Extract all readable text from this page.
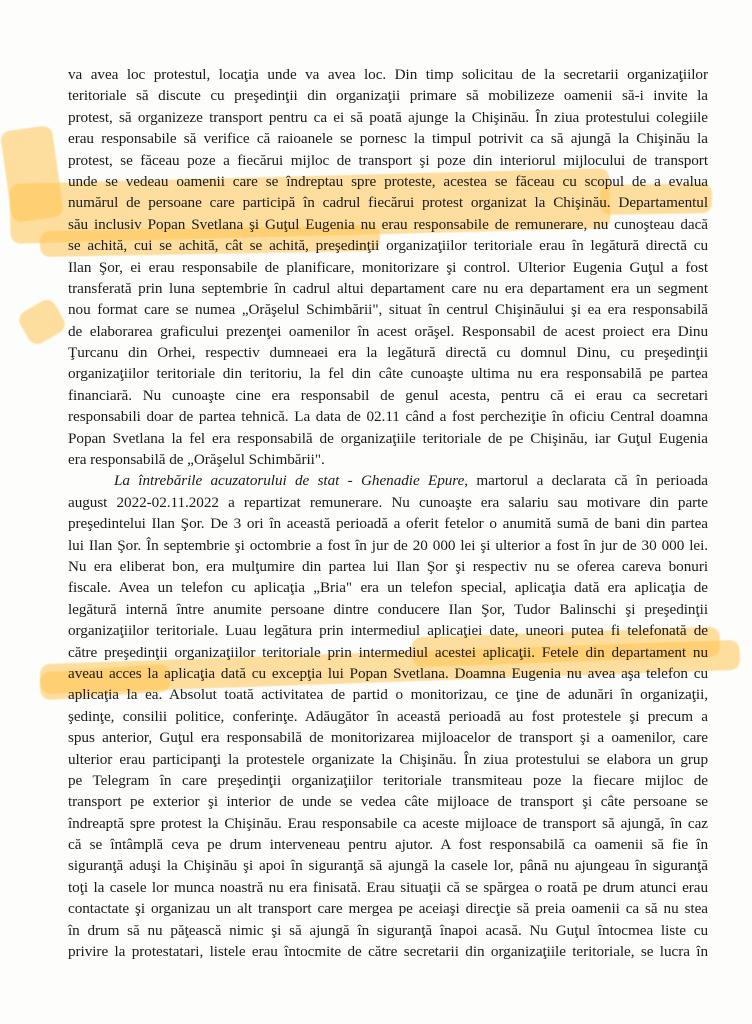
va avea loc protestul, locaţia unde va avea loc. Din timp solicitau de la secretarii organizaţiilor
teritoriale să discute cu preşedinţii din organizaţii primare să mobilizeze oamenii să-i invite la
protest, să organizeze transport pentru ca ei să poată ajunge la Chişinău. În ziua protestului colegiile
erau responsabile să verifice că raioanele se pornesc la timpul potrivit ca să ajungă la Chişinău la
protest, se făceau poze a fiecărui mijloc de transport şi poze din interiorul mijlocului de transport
unde se vedeau oamenii care se îndreptau spre proteste, acestea se făceau cu scopul de a evalua
numărul de persoane care participă în cadrul fiecărui protest organizat la Chişinău. Departamentul
său inclusiv Popan Svetlana şi Guţul Eugenia nu erau responsabile de remunerare, nu cunoşteau dacă
se achită, cui se achită, cât se achită, preşedinţii organizaţiilor teritoriale erau în legătură directă cu
Ilan Şor, ei erau responsabile de planificare, monitorizare şi control. Ulterior Eugenia Guţul a fost
transferată prin luna septembrie în cadrul altui departament care nu era departament era un segment
nou format care se numea „Orăşelul Schimbării", situat în centrul Chişinăului şi ea era responsabilă
de elaborarea graficului prezenţei oamenilor în acest orăşel. Responsabil de acest proiect era Dinu
Ţurcanu din Orhei, respectiv dumneaei era la legătură directă cu domnul Dinu, cu preşedinţii
organizaţiilor teritoriale din teritoriu, la fel din câte cunoaşte ultima nu era responsabilă pe partea
financiară. Nu cunoaşte cine era responsabil de genul acesta, pentru că ei erau ca secretari
responsabili doar de partea tehnică. La data de 02.11 când a fost percheziţie în oficiu Central doamna
Popan Svetlana la fel era responsabilă de organizaţiile teritoriale de pe Chişinău, iar Guţul Eugenia
era responsabilă de „Orăşelul Schimbării".
La întrebările acuzatorului de stat - Ghenadie Epure, martorul a declarata că în perioada
august 2022-02.11.2022 a repartizat remunerare. Nu cunoaşte era salariu sau motivare din parte
preşedintelui Ilan Şor. De 3 ori în această perioadă a oferit fetelor o anumită sumă de bani din partea
lui Ilan Şor. În septembrie şi octombrie a fost în jur de 20 000 lei şi ulterior a fost în jur de 30 000 lei.
Nu era eliberat bon, era mulţumire din partea lui Ilan Şor şi respectiv nu se oferea careva bonuri
fiscale. Avea un telefon cu aplicaţia „Bria" era un telefon special, aplicaţia dată era aplicaţia de
legătură internă între anumite persoane dintre conducere Ilan Şor, Tudor Balinschi şi preşedinţii
organizaţiilor teritoriale. Luau legătura prin intermediul aplicaţiei date, uneori putea fi telefonată de
către preşedinţii organizaţiilor teritoriale prin intermediul acestei aplicaţii. Fetele din departament nu
aveau acces la aplicaţia dată cu excepţia lui Popan Svetlana. Doamna Eugenia nu avea aşa telefon cu
aplicaţia la ea. Absolut toată activitatea de partid o monitorizau, ce ţine de adunări în organizaţii,
şedinţe, consilii politice, conferinţe. Adăugător în această perioadă au fost protestele şi precum a
spus anterior, Guţul era responsabilă de monitorizarea mijloacelor de transport şi a oamenilor, care
ulterior erau participanţi la protestele organizate la Chişinău. În ziua protestului se elabora un grup
pe Telegram în care preşedinţii organizaţiilor teritoriale transmiteau poze la fiecare mijloc de
transport pe exterior şi interior de unde se vedea câte mijloace de transport şi câte persoane se
îndreaptă spre protest la Chişinău. Erau responsabile ca aceste mijloace de transport să ajungă, în caz
că se întâmplă ceva pe drum interveneau pentru ajutor. A fost responsabilă ca oamenii să fie în
siguranţă aduşi la Chişinău şi apoi în siguranţă să ajungă la casele lor, până nu ajungeau în siguranţă
toţi la casele lor munca noastră nu era finisată. Erau situaţii că se spărgea o roată pe drum atunci erau
contactate şi organizau un alt transport care mergea pe aceiaşi direcţie să preia oamenii ca să nu stea
în drum să nu păţească nimic şi să ajungă în siguranţă înapoi acasă. Nu Guţul întocmea liste cu
privire la protestatari, listele erau întocmite de către secretarii din organizaţiile teritoriale, se lucra în
